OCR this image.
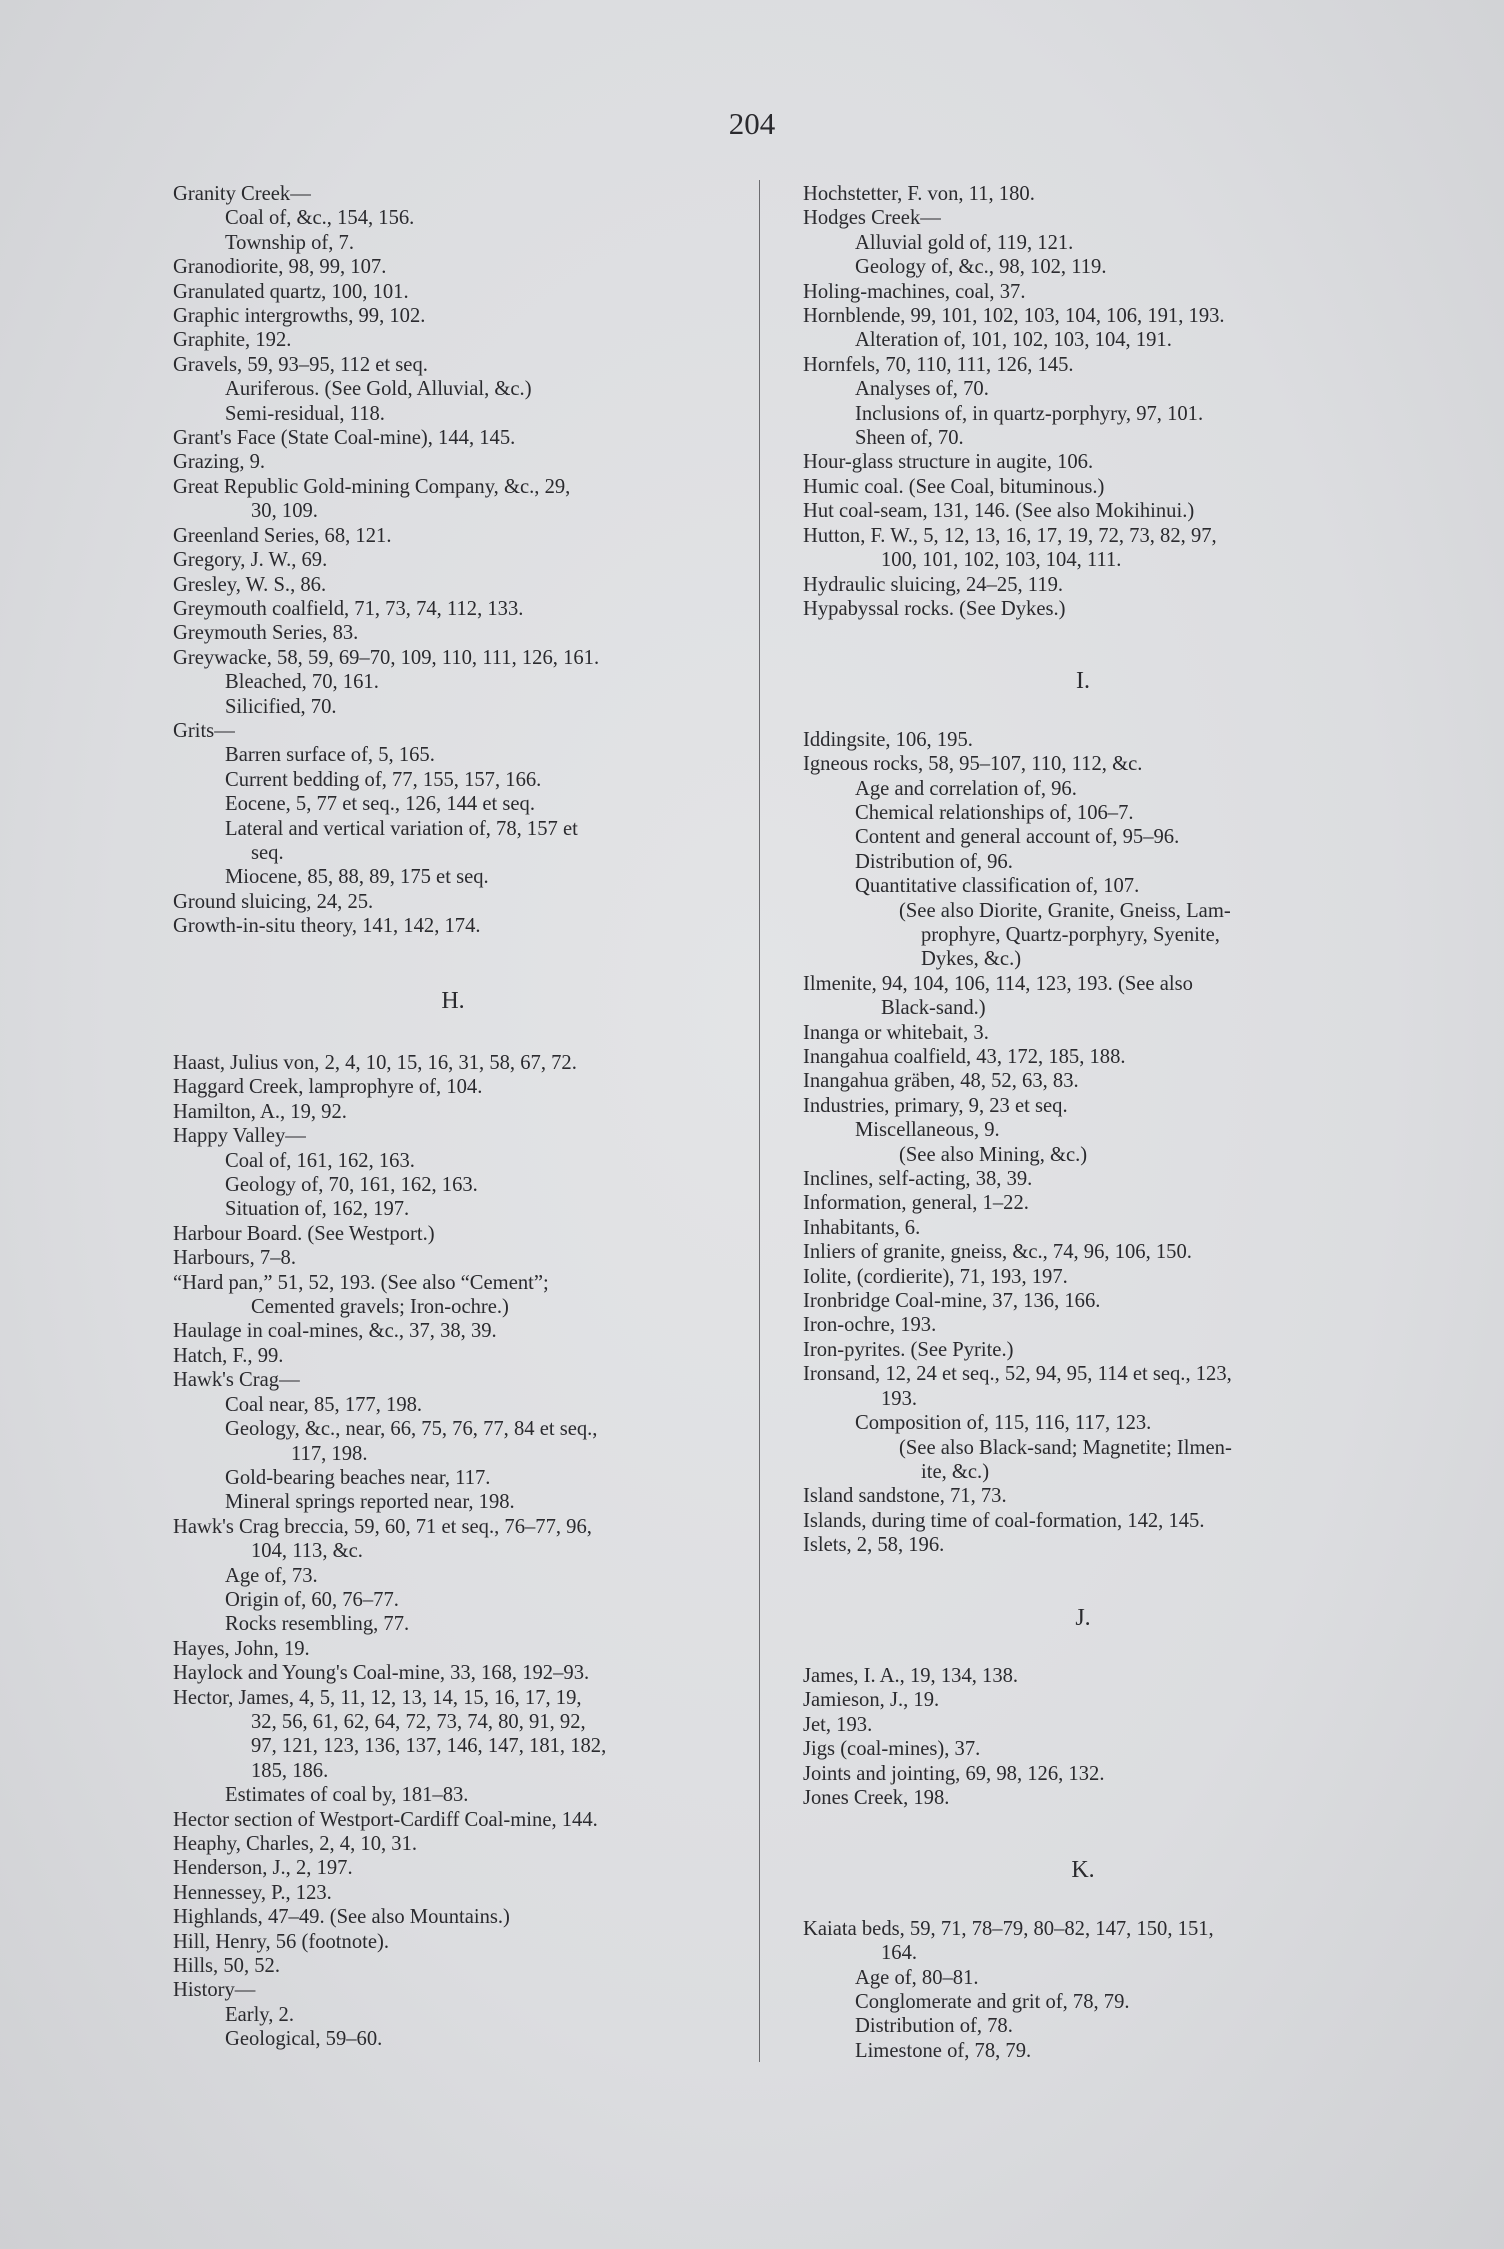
204
Granity Creek—
Coal of, &c., 154, 156.
Township of, 7.
Granodiorite, 98, 99, 107.
Granulated quartz, 100, 101.
Graphic intergrowths, 99, 102.
Graphite, 192.
Gravels, 59, 93–95, 112 et seq.
Auriferous. (See Gold, Alluvial, &c.)
Semi-residual, 118.
Grant's Face (State Coal-mine), 144, 145.
Grazing, 9.
Great Republic Gold-mining Company, &c., 29,
30, 109.
Greenland Series, 68, 121.
Gregory, J. W., 69.
Gresley, W. S., 86.
Greymouth coalfield, 71, 73, 74, 112, 133.
Greymouth Series, 83.
Greywacke, 58, 59, 69–70, 109, 110, 111, 126, 161.
Bleached, 70, 161.
Silicified, 70.
Grits—
Barren surface of, 5, 165.
Current bedding of, 77, 155, 157, 166.
Eocene, 5, 77 et seq., 126, 144 et seq.
Lateral and vertical variation of, 78, 157 et
seq.
Miocene, 85, 88, 89, 175 et seq.
Ground sluicing, 24, 25.
Growth-in-situ theory, 141, 142, 174.
H.
Haast, Julius von, 2, 4, 10, 15, 16, 31, 58, 67, 72.
Haggard Creek, lamprophyre of, 104.
Hamilton, A., 19, 92.
Happy Valley—
Coal of, 161, 162, 163.
Geology of, 70, 161, 162, 163.
Situation of, 162, 197.
Harbour Board. (See Westport.)
Harbours, 7–8.
“Hard pan,” 51, 52, 193. (See also “Cement”;
Cemented gravels; Iron-ochre.)
Haulage in coal-mines, &c., 37, 38, 39.
Hatch, F., 99.
Hawk's Crag—
Coal near, 85, 177, 198.
Geology, &c., near, 66, 75, 76, 77, 84 et seq.,
117, 198.
Gold-bearing beaches near, 117.
Mineral springs reported near, 198.
Hawk's Crag breccia, 59, 60, 71 et seq., 76–77, 96,
104, 113, &c.
Age of, 73.
Origin of, 60, 76–77.
Rocks resembling, 77.
Hayes, John, 19.
Haylock and Young's Coal-mine, 33, 168, 192–93.
Hector, James, 4, 5, 11, 12, 13, 14, 15, 16, 17, 19,
32, 56, 61, 62, 64, 72, 73, 74, 80, 91, 92,
97, 121, 123, 136, 137, 146, 147, 181, 182,
185, 186.
Estimates of coal by, 181–83.
Hector section of Westport-Cardiff Coal-mine, 144.
Heaphy, Charles, 2, 4, 10, 31.
Henderson, J., 2, 197.
Hennessey, P., 123.
Highlands, 47–49. (See also Mountains.)
Hill, Henry, 56 (footnote).
Hills, 50, 52.
History—
Early, 2.
Geological, 59–60.
Hochstetter, F. von, 11, 180.
Hodges Creek—
Alluvial gold of, 119, 121.
Geology of, &c., 98, 102, 119.
Holing-machines, coal, 37.
Hornblende, 99, 101, 102, 103, 104, 106, 191, 193.
Alteration of, 101, 102, 103, 104, 191.
Hornfels, 70, 110, 111, 126, 145.
Analyses of, 70.
Inclusions of, in quartz-porphyry, 97, 101.
Sheen of, 70.
Hour-glass structure in augite, 106.
Humic coal. (See Coal, bituminous.)
Hut coal-seam, 131, 146. (See also Mokihinui.)
Hutton, F. W., 5, 12, 13, 16, 17, 19, 72, 73, 82, 97,
100, 101, 102, 103, 104, 111.
Hydraulic sluicing, 24–25, 119.
Hypabyssal rocks. (See Dykes.)
I.
Iddingsite, 106, 195.
Igneous rocks, 58, 95–107, 110, 112, &c.
Age and correlation of, 96.
Chemical relationships of, 106–7.
Content and general account of, 95–96.
Distribution of, 96.
Quantitative classification of, 107.
(See also Diorite, Granite, Gneiss, Lam-
prophyre, Quartz-porphyry, Syenite,
Dykes, &c.)
Ilmenite, 94, 104, 106, 114, 123, 193. (See also
Black-sand.)
Inanga or whitebait, 3.
Inangahua coalfield, 43, 172, 185, 188.
Inangahua gräben, 48, 52, 63, 83.
Industries, primary, 9, 23 et seq.
Miscellaneous, 9.
(See also Mining, &c.)
Inclines, self-acting, 38, 39.
Information, general, 1–22.
Inhabitants, 6.
Inliers of granite, gneiss, &c., 74, 96, 106, 150.
Iolite, (cordierite), 71, 193, 197.
Ironbridge Coal-mine, 37, 136, 166.
Iron-ochre, 193.
Iron-pyrites. (See Pyrite.)
Ironsand, 12, 24 et seq., 52, 94, 95, 114 et seq., 123,
193.
Composition of, 115, 116, 117, 123.
(See also Black-sand; Magnetite; Ilmen-
ite, &c.)
Island sandstone, 71, 73.
Islands, during time of coal-formation, 142, 145.
Islets, 2, 58, 196.
J.
James, I. A., 19, 134, 138.
Jamieson, J., 19.
Jet, 193.
Jigs (coal-mines), 37.
Joints and jointing, 69, 98, 126, 132.
Jones Creek, 198.
K.
Kaiata beds, 59, 71, 78–79, 80–82, 147, 150, 151,
164.
Age of, 80–81.
Conglomerate and grit of, 78, 79.
Distribution of, 78.
Limestone of, 78, 79.
